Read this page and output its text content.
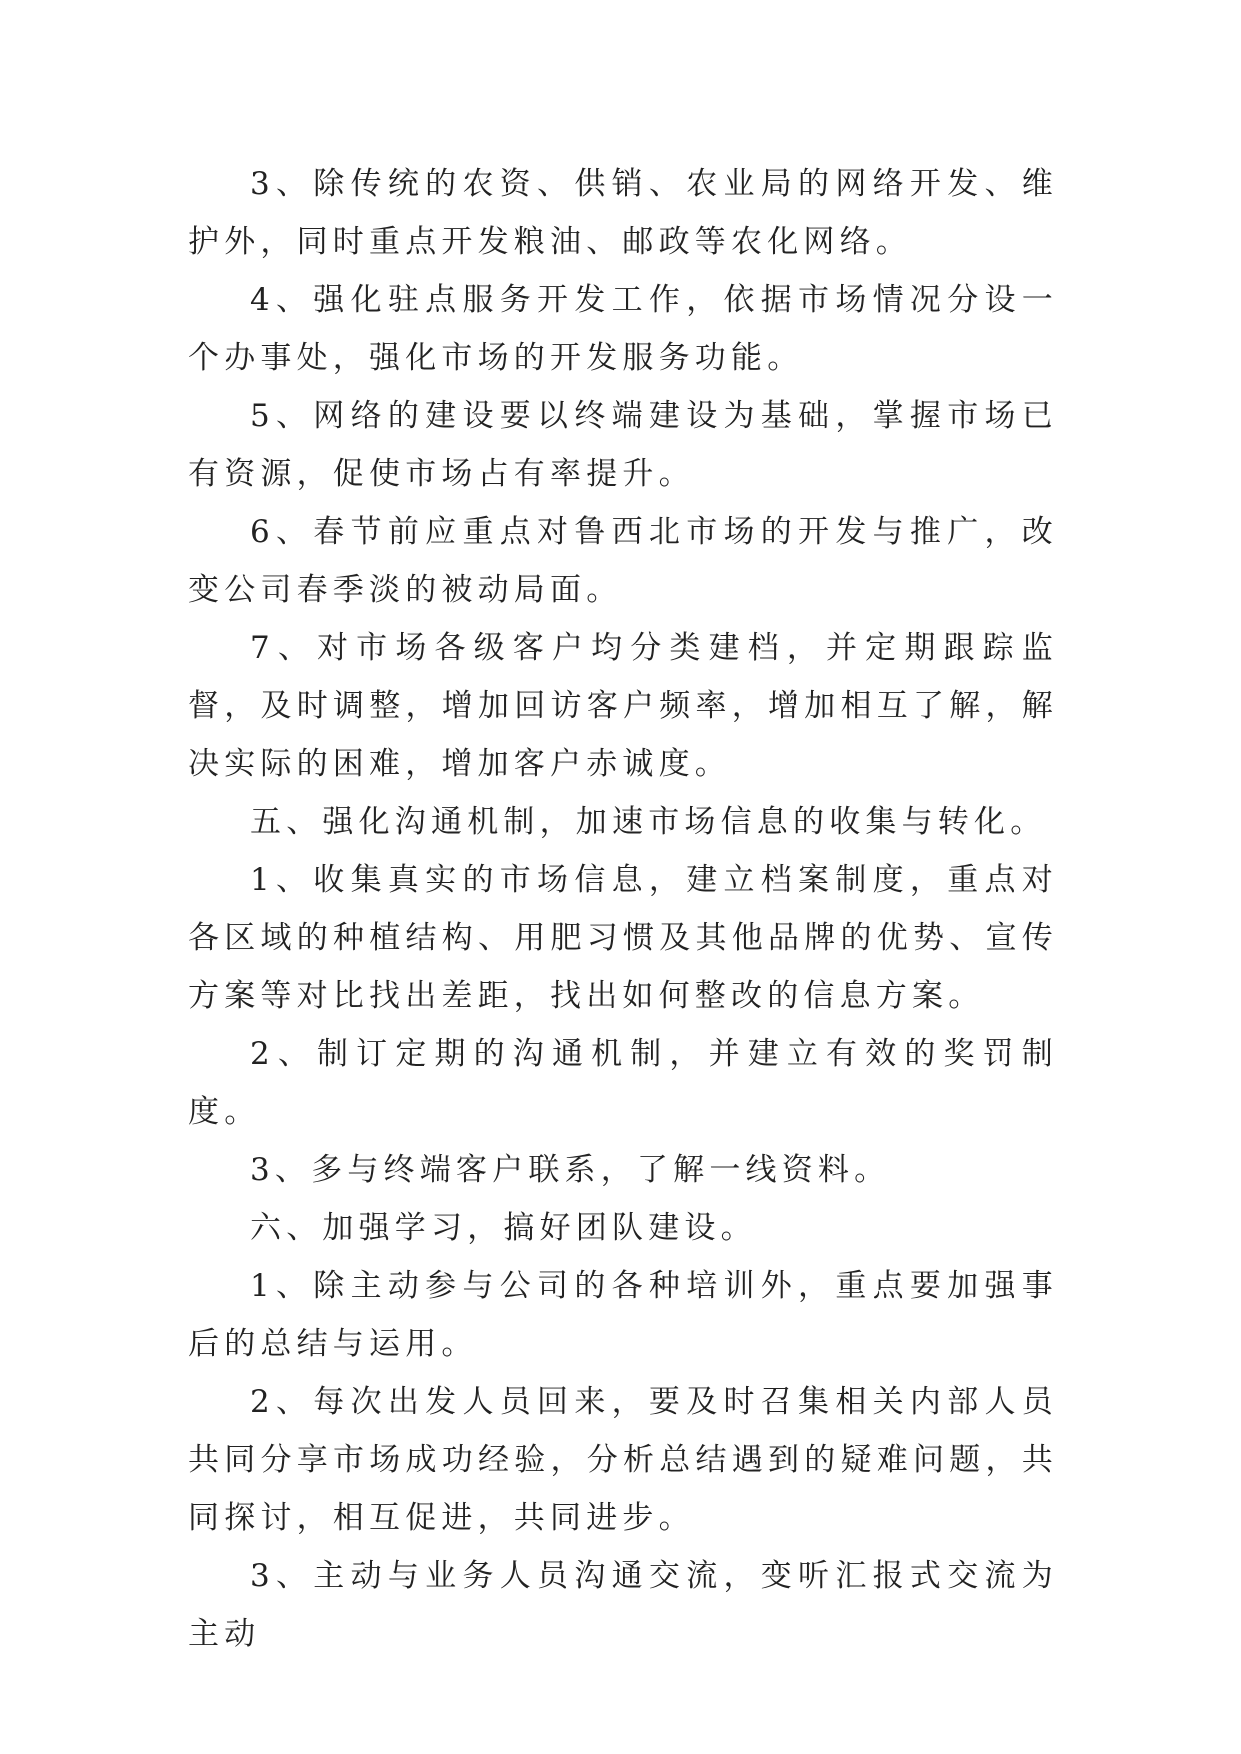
3、除传统的农资、供销、农业局的网络开发、维护外，同时重点开发粮油、邮政等农化网络。

4、强化驻点服务开发工作，依据市场情况分设一个办事处，强化市场的开发服务功能。

5、网络的建设要以终端建设为基础，掌握市场已有资源，促使市场占有率提升。

6、春节前应重点对鲁西北市场的开发与推广，改变公司春季淡的被动局面。

7、对市场各级客户均分类建档，并定期跟踪监督，及时调整，增加回访客户频率，增加相互了解，解决实际的困难，增加客户赤诚度。

五、强化沟通机制，加速市场信息的收集与转化。

1、收集真实的市场信息，建立档案制度，重点对各区域的种植结构、用肥习惯及其他品牌的优势、宣传方案等对比找出差距，找出如何整改的信息方案。

2、制订定期的沟通机制，并建立有效的奖罚制度。

3、多与终端客户联系，了解一线资料。

六、加强学习，搞好团队建设。

1、除主动参与公司的各种培训外，重点要加强事后的总结与运用。

2、每次出发人员回来，要及时召集相关内部人员共同分享市场成功经验，分析总结遇到的疑难问题，共同探讨，相互促进，共同进步。

3、主动与业务人员沟通交流，变听汇报式交流为主动
